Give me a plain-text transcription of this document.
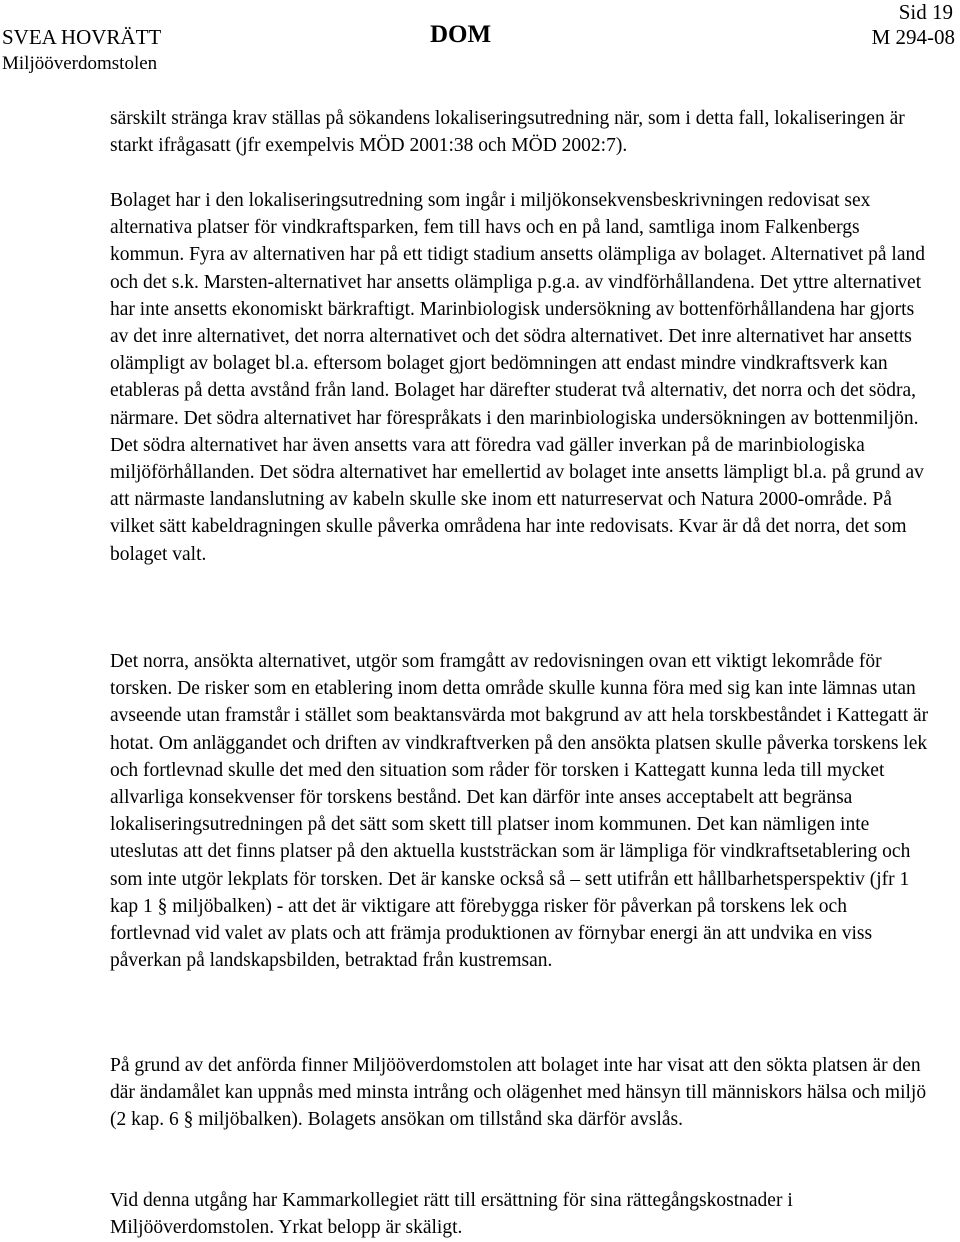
SVEA HOVRÄTT
Miljööverdomstolen
DOM
Sid 19
M 294-08

särskilt stränga krav ställas på sökandens lokaliseringsutredning när, som i detta fall, lokaliseringen är starkt ifrågasatt (jfr exempelvis MÖD 2001:38 och MÖD 2002:7).

Bolaget har i den lokaliseringsutredning som ingår i miljökonsekvensbeskrivningen redovisat sex alternativa platser för vindkraftsparken, fem till havs och en på land, samtliga inom Falkenbergs kommun. Fyra av alternativen har på ett tidigt stadium ansetts olämpliga av bolaget. Alternativet på land och det s.k. Marsten-alternativet har ansetts olämpliga p.g.a. av vindförhållandena. Det yttre alternativet har inte ansetts ekonomiskt bärkraftigt. Marinbiologisk undersökning av bottenförhållandena har gjorts av det inre alternativet, det norra alternativet och det södra alternativet. Det inre alternativet har ansetts olämpligt av bolaget bl.a. eftersom bolaget gjort bedömningen att endast mindre vindkraftsverk kan etableras på detta avstånd från land. Bolaget har därefter studerat två alternativ, det norra och det södra, närmare. Det södra alternativet har förespråkats i den marinbiologiska undersökningen av bottenmiljön. Det södra alternativet har även ansetts vara att föredra vad gäller inverkan på de marinbiologiska miljöförhållanden. Det södra alternativet har emellertid av bolaget inte ansetts lämpligt bl.a. på grund av att närmaste landanslutning av kabeln skulle ske inom ett naturreservat och Natura 2000-område. På vilket sätt kabeldragningen skulle påverka områdena har inte redovisats. Kvar är då det norra, det som bolaget valt.

Det norra, ansökta alternativet, utgör som framgått av redovisningen ovan ett viktigt lekområde för torsken. De risker som en etablering inom detta område skulle kunna föra med sig kan inte lämnas utan avseende utan framstår i stället som beaktansvärda mot bakgrund av att hela torskbeståndet i Kattegatt är hotat. Om anläggandet och driften av vindkraftverken på den ansökta platsen skulle påverka torskens lek och fortlevnad skulle det med den situation som råder för torsken i Kattegatt kunna leda till mycket allvarliga konsekvenser för torskens bestånd. Det kan därför inte anses acceptabelt att begränsa lokaliseringsutredningen på det sätt som skett till platser inom kommunen. Det kan nämligen inte uteslutas att det finns platser på den aktuella kuststräckan som är lämpliga för vindkraftsetablering och som inte utgör lekplats för torsken. Det är kanske också så – sett utifrån ett hållbarhetsperspektiv (jfr 1 kap 1 § miljöbalken) - att det är viktigare att förebygga risker för påverkan på torskens lek och fortlevnad vid valet av plats och att främja produktionen av förnybar energi än att undvika en viss påverkan på landskapsbilden, betraktad från kustremsan.

På grund av det anförda finner Miljööverdomstolen att bolaget inte har visat att den sökta platsen är den där ändamålet kan uppnås med minsta intrång och olägenhet med hänsyn till människors hälsa och miljö (2 kap. 6 § miljöbalken). Bolagets ansökan om tillstånd ska därför avslås.

Vid denna utgång har Kammarkollegiet rätt till ersättning för sina rättegångskostnader i Miljööverdomstolen. Yrkat belopp är skäligt.
